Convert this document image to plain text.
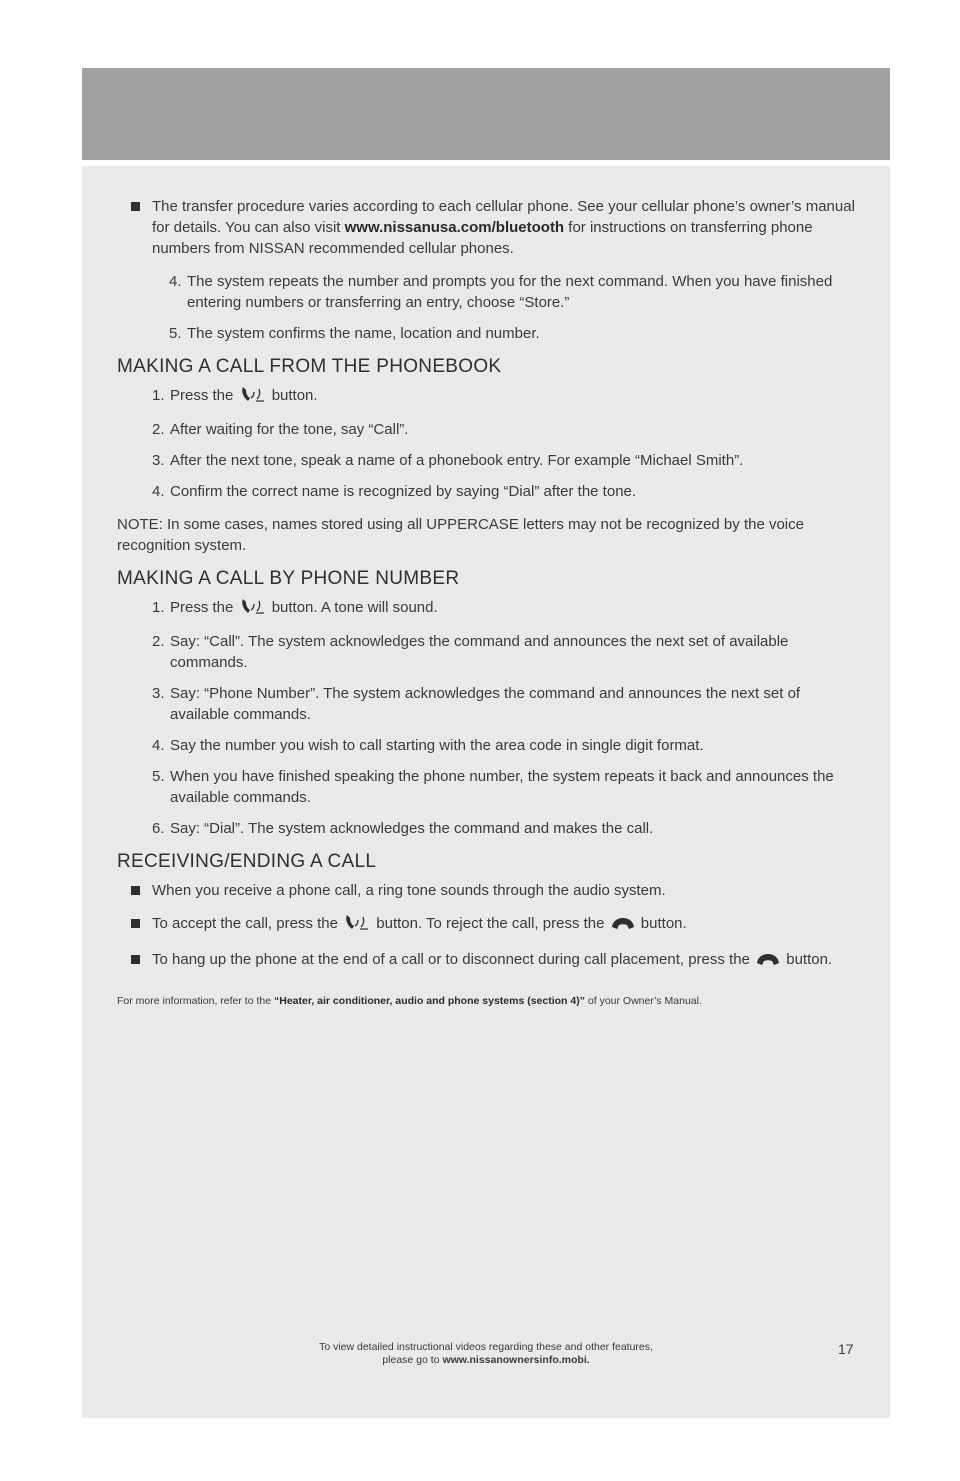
The transfer procedure varies according to each cellular phone. See your cellular phone’s owner’s manual for details. You can also visit www.nissanusa.com/bluetooth for instructions on transferring phone numbers from NISSAN recommended cellular phones.

4. The system repeats the number and prompts you for the next command. When you have finished entering numbers or transferring an entry, choose “Store.”
5. The system confirms the name, location and number.
MAKING A CALL FROM THE PHONEBOOK
1. Press the  button.
2. After waiting for the tone, say “Call”.
3. After the next tone, speak a name of a phonebook entry. For example “Michael Smith”.
4. Confirm the correct name is recognized by saying “Dial” after the tone.

NOTE: In some cases, names stored using all UPPERCASE letters may not be recognized by the voice recognition system.

MAKING A CALL BY PHONE NUMBER
1. Press the  button. A tone will sound.
2. Say: “Call”. The system acknowledges the command and announces the next set of available commands.
3. Say: “Phone Number”. The system acknowledges the command and announces the next set of available commands.
4. Say the number you wish to call starting with the area code in single digit format.
5. When you have finished speaking the phone number, the system repeats it back and announces the available commands.
6. Say: “Dial”. The system acknowledges the command and makes the call.
RECEIVING/ENDING A CALL

When you receive a phone call, a ring tone sounds through the audio system.

To accept the call, press the  button. To reject the call, press the  button.

To hang up the phone at the end of a call or to disconnect during call placement, press the  button.

For more information, refer to the “Heater, air conditioner, audio and phone systems (section 4)” of your Owner’s Manual.

To view detailed instructional videos regarding these and other features,
please go to www.nissanownersinfo.mobi.
17
